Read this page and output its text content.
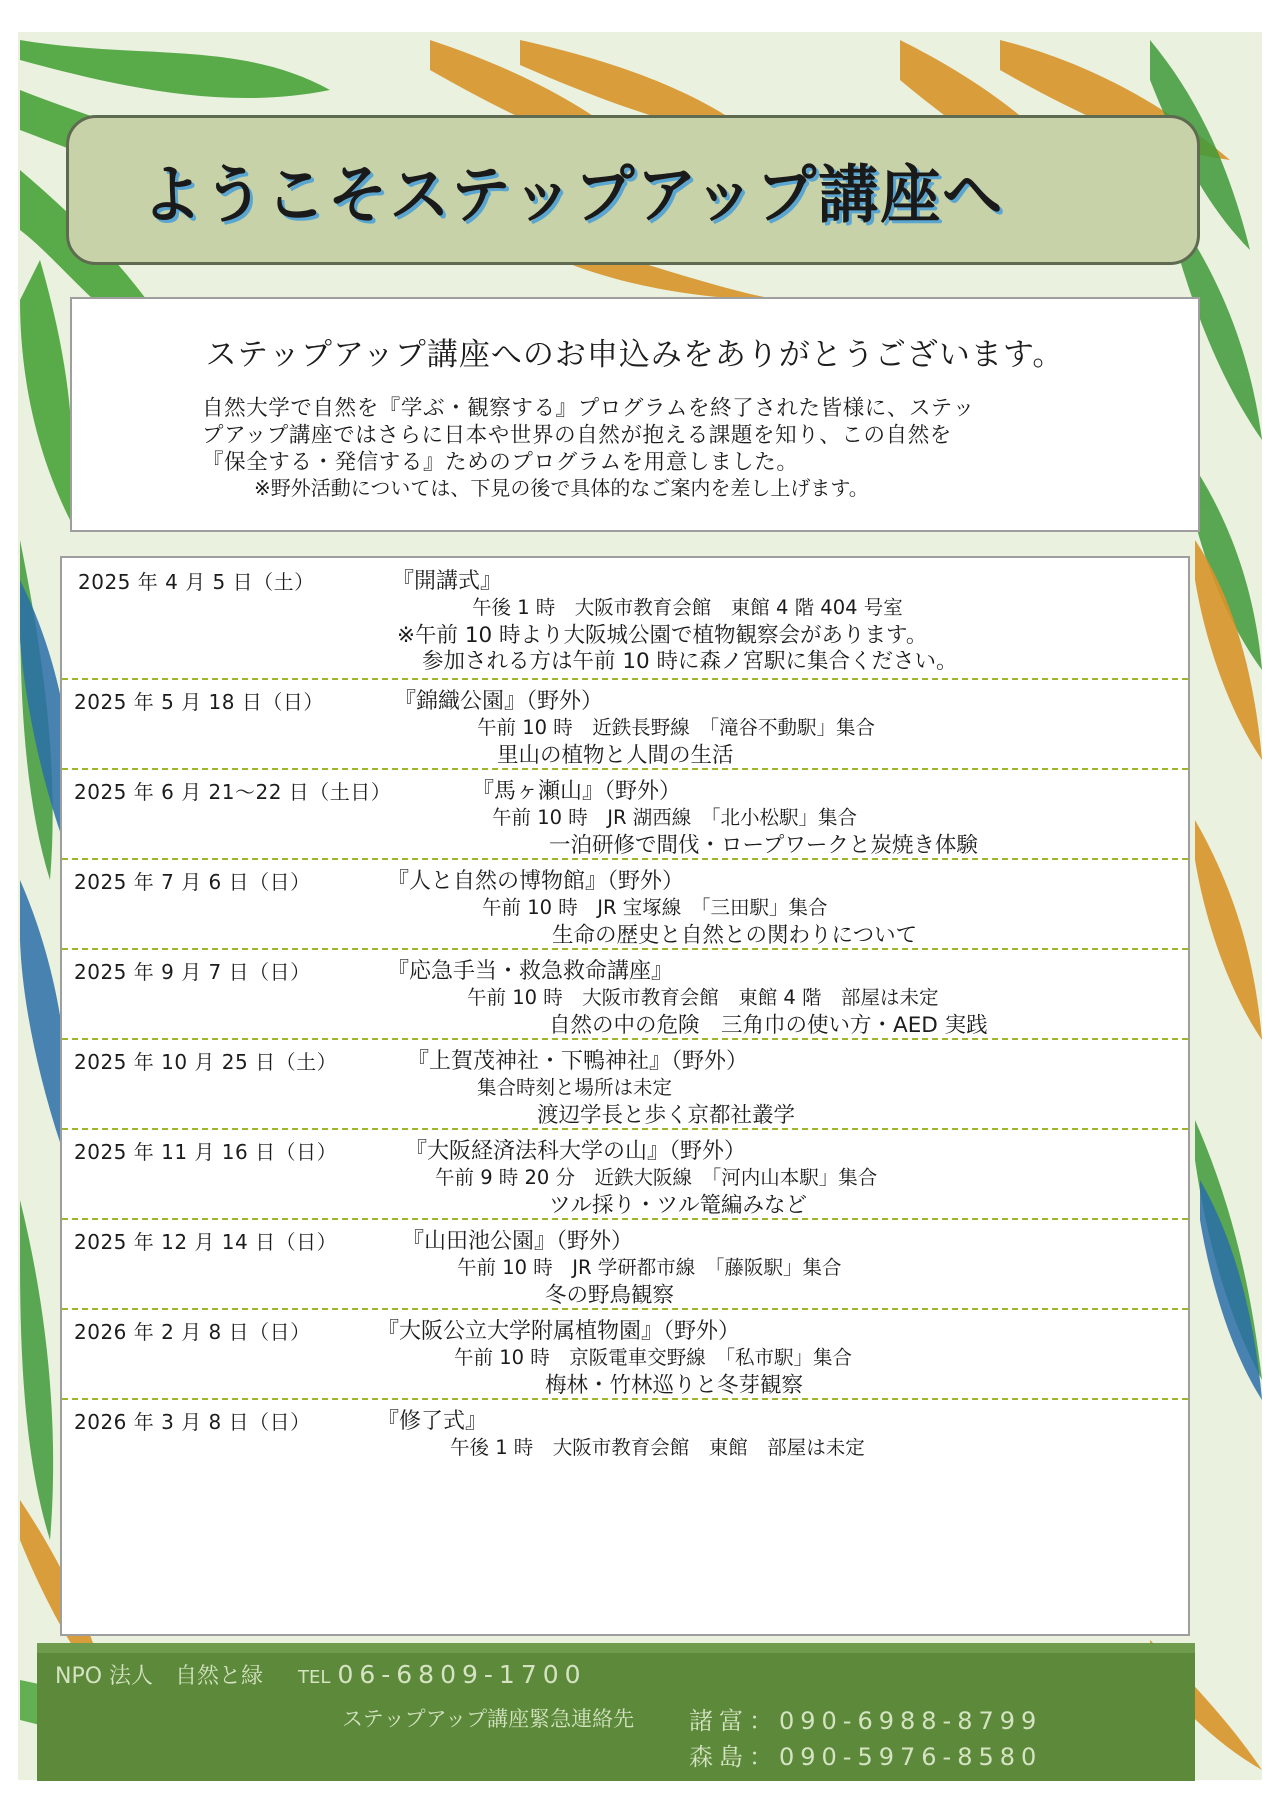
ようこそステップアップ講座へ
ステップアップ講座へのお申込みをありがとうございます。
自然大学で自然を『学ぶ・観察する』プログラムを終了された皆様に、ステッ
プアップ講座ではさらに日本や世界の自然が抱える課題を知り、この自然を
『保全する・発信する』ためのプログラムを用意しました。
※野外活動については、下見の後で具体的なご案内を差し上げます。
2025 年 4 月 5 日（土）	『開講式』
午後 1 時　大阪市教育会館　東館 4 階 404 号室
※午前 10 時より大阪城公園で植物観察会があります。
参加される方は午前 10 時に森ノ宮駅に集合ください。
2025 年 5 月 18 日（日）	『錦織公園』（野外）
午前 10 時　近鉄長野線　「滝谷不動駅」集合
里山の植物と人間の生活
2025 年 6 月 21～22 日（土日）	『馬ヶ瀬山』（野外）
午前 10 時　JR 湖西線　「北小松駅」集合
一泊研修で間伐・ロープワークと炭焼き体験
2025 年 7 月 6 日（日）	『人と自然の博物館』（野外）
午前 10 時　JR 宝塚線　「三田駅」集合
生命の歴史と自然との関わりについて
2025 年 9 月 7 日（日）	『応急手当・救急救命講座』
午前 10 時　大阪市教育会館　東館 4 階　部屋は未定
自然の中の危険　三角巾の使い方・AED 実践
2025 年 10 月 25 日（土）	『上賀茂神社・下鴨神社』（野外）
集合時刻と場所は未定
渡辺学長と歩く京都社叢学
2025 年 11 月 16 日（日）	『大阪経済法科大学の山』（野外）
午前 9 時 20 分　近鉄大阪線　「河内山本駅」集合
ツル採り・ツル篭編みなど
2025 年 12 月 14 日（日）	『山田池公園』（野外）
午前 10 時　JR 学研都市線　「藤阪駅」集合
冬の野鳥観察
2026 年 2 月 8 日（日）	『大阪公立大学附属植物園』（野外）
午前 10 時　京阪電車交野線　「私市駅」集合
梅林・竹林巡りと冬芽観察
2026 年 3 月 8 日（日）	『修了式』
午後 1 時　大阪市教育会館　東館　部屋は未定
NPO 法人　自然と緑 TEL 06-6809-1700
ステップアップ講座緊急連絡先 諸富：090-6988-8799
森島：090-5976-8580
